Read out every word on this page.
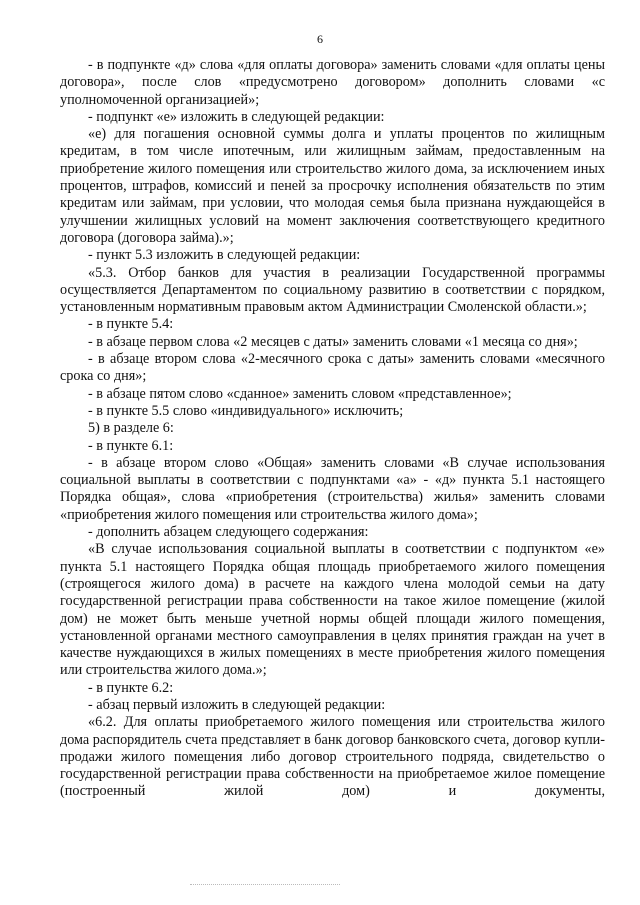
6

- в подпункте «д» слова «для оплаты договора» заменить словами «для оплаты цены договора», после слов «предусмотрено договором» дополнить словами «с уполномоченной организацией»;

- подпункт «е» изложить в следующей редакции:

«е) для погашения основной суммы долга и уплаты процентов по жилищным кредитам, в том числе ипотечным, или жилищным займам, предоставленным на приобретение жилого помещения или строительство жилого дома, за исключением иных процентов, штрафов, комиссий и пеней за просрочку исполнения обязательств по этим кредитам или займам, при условии, что молодая семья была признана нуждающейся в улучшении жилищных условий на момент заключения соответствующего кредитного договора (договора займа).»;

- пункт 5.3 изложить в следующей редакции:

«5.3. Отбор банков для участия в реализации Государственной программы осуществляется Департаментом по социальному развитию в соответствии с порядком, установленным нормативным правовым актом Администрации Смоленской области.»;

- в пункте 5.4:

- в абзаце первом слова «2 месяцев с даты» заменить словами «1 месяца со дня»;

- в абзаце втором слова «2-месячного срока с даты» заменить словами «месячного срока со дня»;

- в абзаце пятом слово «сданное» заменить словом «представленное»;

- в пункте 5.5 слово «индивидуального» исключить;

5) в разделе 6:

- в пункте 6.1:

- в абзаце втором слово «Общая» заменить словами «В случае использования социальной выплаты в соответствии с подпунктами «а» - «д» пункта 5.1 настоящего Порядка общая», слова «приобретения (строительства) жилья» заменить словами «приобретения жилого помещения или строительства жилого дома»;

- дополнить абзацем следующего содержания:

«В случае использования социальной выплаты в соответствии с подпунктом «е» пункта 5.1 настоящего Порядка общая площадь приобретаемого жилого помещения (строящегося жилого дома) в расчете на каждого члена молодой семьи на дату государственной регистрации права собственности на такое жилое помещение (жилой дом) не может быть меньше учетной нормы общей площади жилого помещения, установленной органами местного самоуправления в целях принятия граждан на учет в качестве нуждающихся в жилых помещениях в месте приобретения жилого помещения или строительства жилого дома.»;

- в пункте 6.2:

- абзац первый изложить в следующей редакции:

«6.2. Для оплаты приобретаемого жилого помещения или строительства жилого дома распорядитель счета представляет в банк договор банковского счета, договор купли-продажи жилого помещения либо договор строительного подряда, свидетельство о государственной регистрации права собственности на приобретаемое жилое помещение (построенный жилой дом) и документы,
